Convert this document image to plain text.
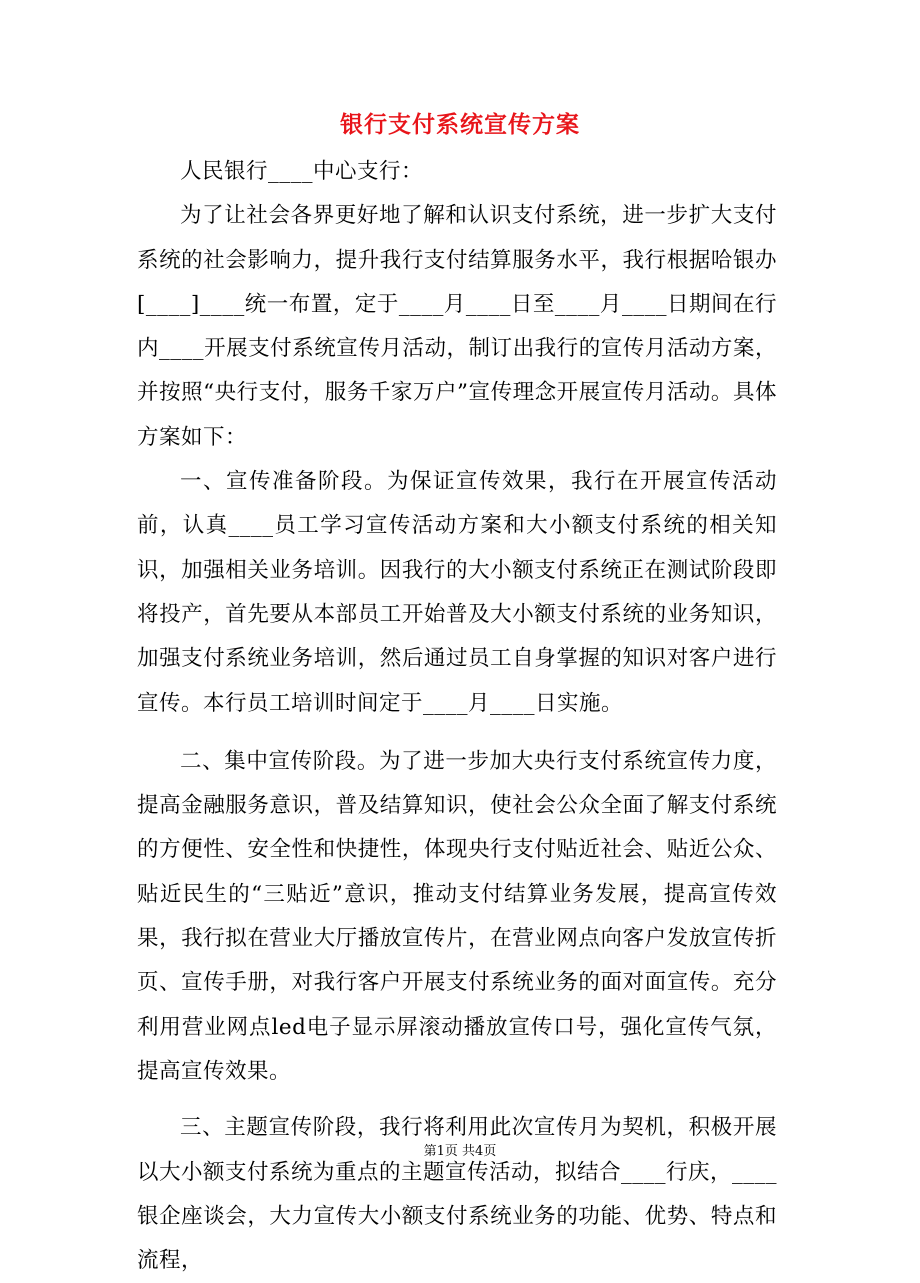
银行支付系统宣传方案

人民银行____中心支行：

为了让社会各界更好地了解和认识支付系统，进一步扩大支付系统的社会影响力，提升我行支付结算服务水平，我行根据哈银办[____]____统一布置，定于____月____日至____月____日期间在行内____开展支付系统宣传月活动，制订出我行的宣传月活动方案，并按照“央行支付，服务千家万户”宣传理念开展宣传月活动。具体方案如下：

一、宣传准备阶段。为保证宣传效果，我行在开展宣传活动前，认真____员工学习宣传活动方案和大小额支付系统的相关知识，加强相关业务培训。因我行的大小额支付系统正在测试阶段即将投产，首先要从本部员工开始普及大小额支付系统的业务知识，加强支付系统业务培训，然后通过员工自身掌握的知识对客户进行宣传。本行员工培训时间定于____月____日实施。

二、集中宣传阶段。为了进一步加大央行支付系统宣传力度，提高金融服务意识，普及结算知识，使社会公众全面了解支付系统的方便性、安全性和快捷性，体现央行支付贴近社会、贴近公众、贴近民生的“三贴近”意识，推动支付结算业务发展，提高宣传效果，我行拟在营业大厅播放宣传片，在营业网点向客户发放宣传折页、宣传手册，对我行客户开展支付系统业务的面对面宣传。充分利用营业网点led电子显示屏滚动播放宣传口号，强化宣传气氛，提高宣传效果。

三、主题宣传阶段，我行将利用此次宣传月为契机，积极开展以大小额支付系统为重点的主题宣传活动，拟结合____行庆，____银企座谈会，大力宣传大小额支付系统业务的功能、优势、特点和流程，

第1页 共4页
